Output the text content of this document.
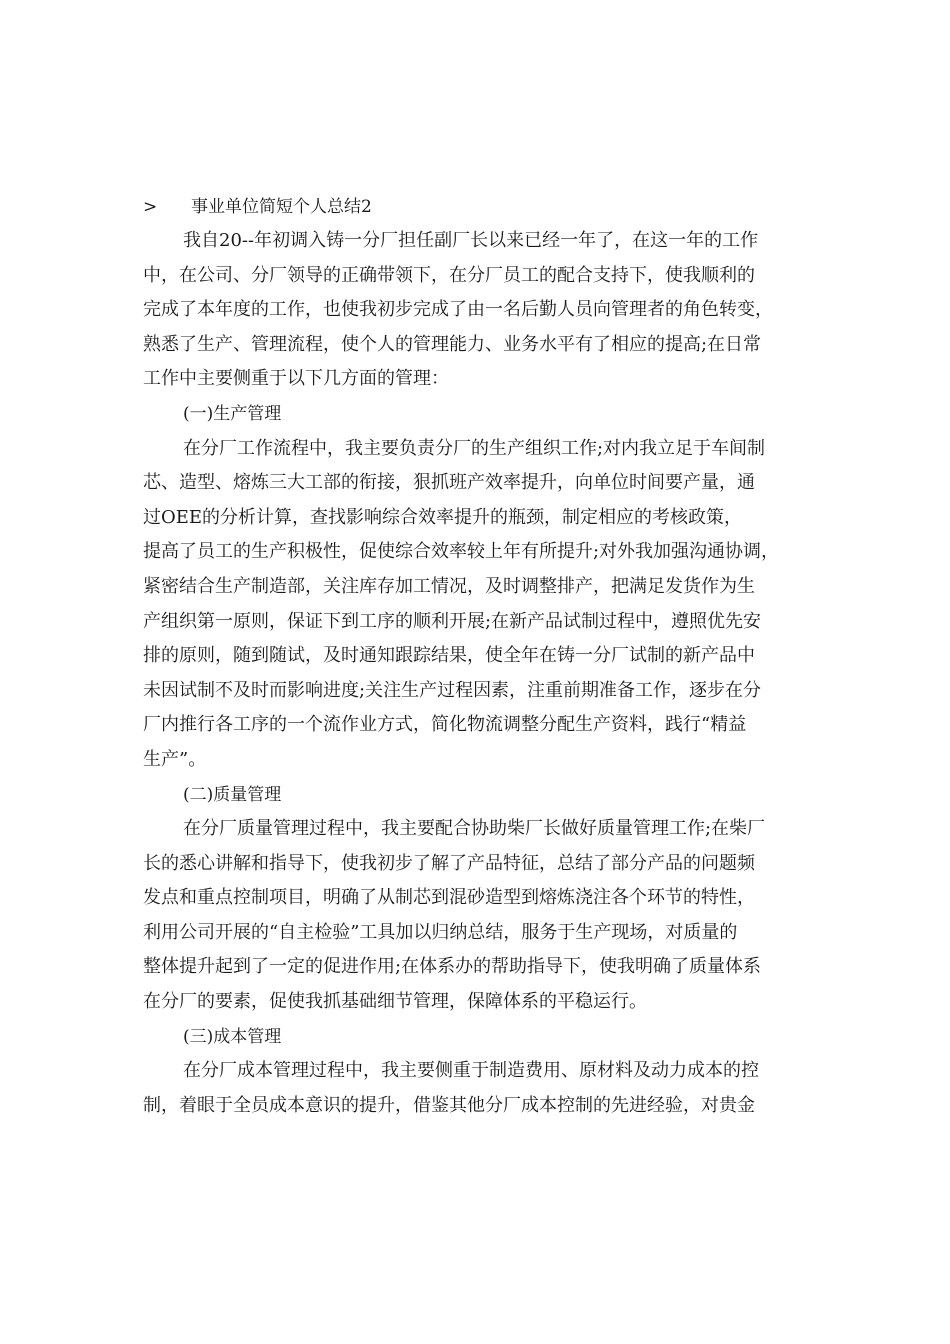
>	事业单位简短个人总结2
我自20--年初调入铸一分厂担任副厂长以来已经一年了，在这一年的工作
中，在公司、分厂领导的正确带领下，在分厂员工的配合支持下，使我顺利的
完成了本年度的工作，也使我初步完成了由一名后勤人员向管理者的角色转变，
熟悉了生产、管理流程，使个人的管理能力、业务水平有了相应的提高;在日常
工作中主要侧重于以下几方面的管理：
(一)生产管理
在分厂工作流程中，我主要负责分厂的生产组织工作;对内我立足于车间制
芯、造型、熔炼三大工部的衔接，狠抓班产效率提升，向单位时间要产量，通
过OEE的分析计算，查找影响综合效率提升的瓶颈，制定相应的考核政策，
提高了员工的生产积极性，促使综合效率较上年有所提升;对外我加强沟通协调，
紧密结合生产制造部，关注库存加工情况，及时调整排产，把满足发货作为生
产组织第一原则，保证下到工序的顺利开展;在新产品试制过程中，遵照优先安
排的原则，随到随试，及时通知跟踪结果，使全年在铸一分厂试制的新产品中
未因试制不及时而影响进度;关注生产过程因素，注重前期准备工作，逐步在分
厂内推行各工序的一个流作业方式，简化物流调整分配生产资料，践行“精益
生产”。
(二)质量管理
在分厂质量管理过程中，我主要配合协助柴厂长做好质量管理工作;在柴厂
长的悉心讲解和指导下，使我初步了解了产品特征，总结了部分产品的问题频
发点和重点控制项目，明确了从制芯到混砂造型到熔炼浇注各个环节的特性，
利用公司开展的“自主检验”工具加以归纳总结，服务于生产现场，对质量的
整体提升起到了一定的促进作用;在体系办的帮助指导下，使我明确了质量体系
在分厂的要素，促使我抓基础细节管理，保障体系的平稳运行。
(三)成本管理
在分厂成本管理过程中，我主要侧重于制造费用、原材料及动力成本的控
制，着眼于全员成本意识的提升，借鉴其他分厂成本控制的先进经验，对贵金
